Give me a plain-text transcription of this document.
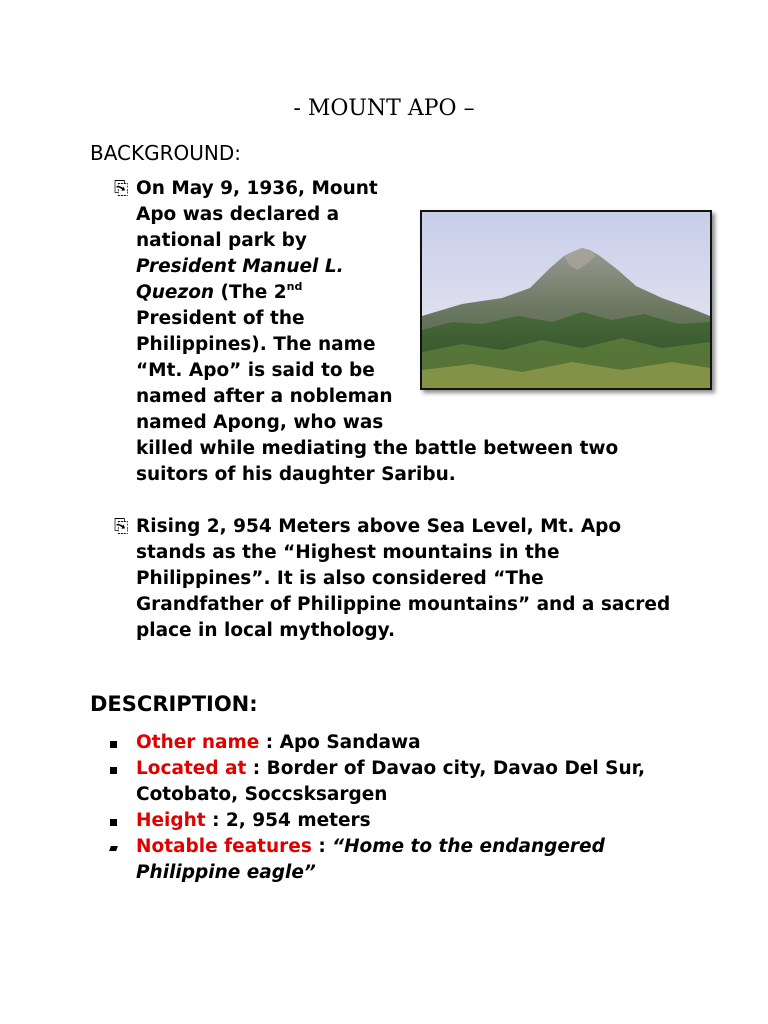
- MOUNT APO –
BACKGROUND:
⎘ On May 9, 1936, Mount Apo was declared a national park by President Manuel L. Quezon (The 2nd President of the Philippines). The name “Mt. Apo” is said to be named after a nobleman named Apong, who was killed while mediating the battle between two suitors of his daughter Saribu.

⎘ Rising 2, 954 Meters above Sea Level, Mt. Apo stands as the “Highest mountains in the Philippines”. It is also considered “The Grandfather of Philippine mountains” and a sacred place in local mythology.

DESCRIPTION:
Other name : Apo Sandawa
Located at : Border of Davao city, Davao Del Sur, Cotobato, Soccsksargen
Height : 2, 954 meters
Notable features : “Home to the endangered Philippine eagle”
